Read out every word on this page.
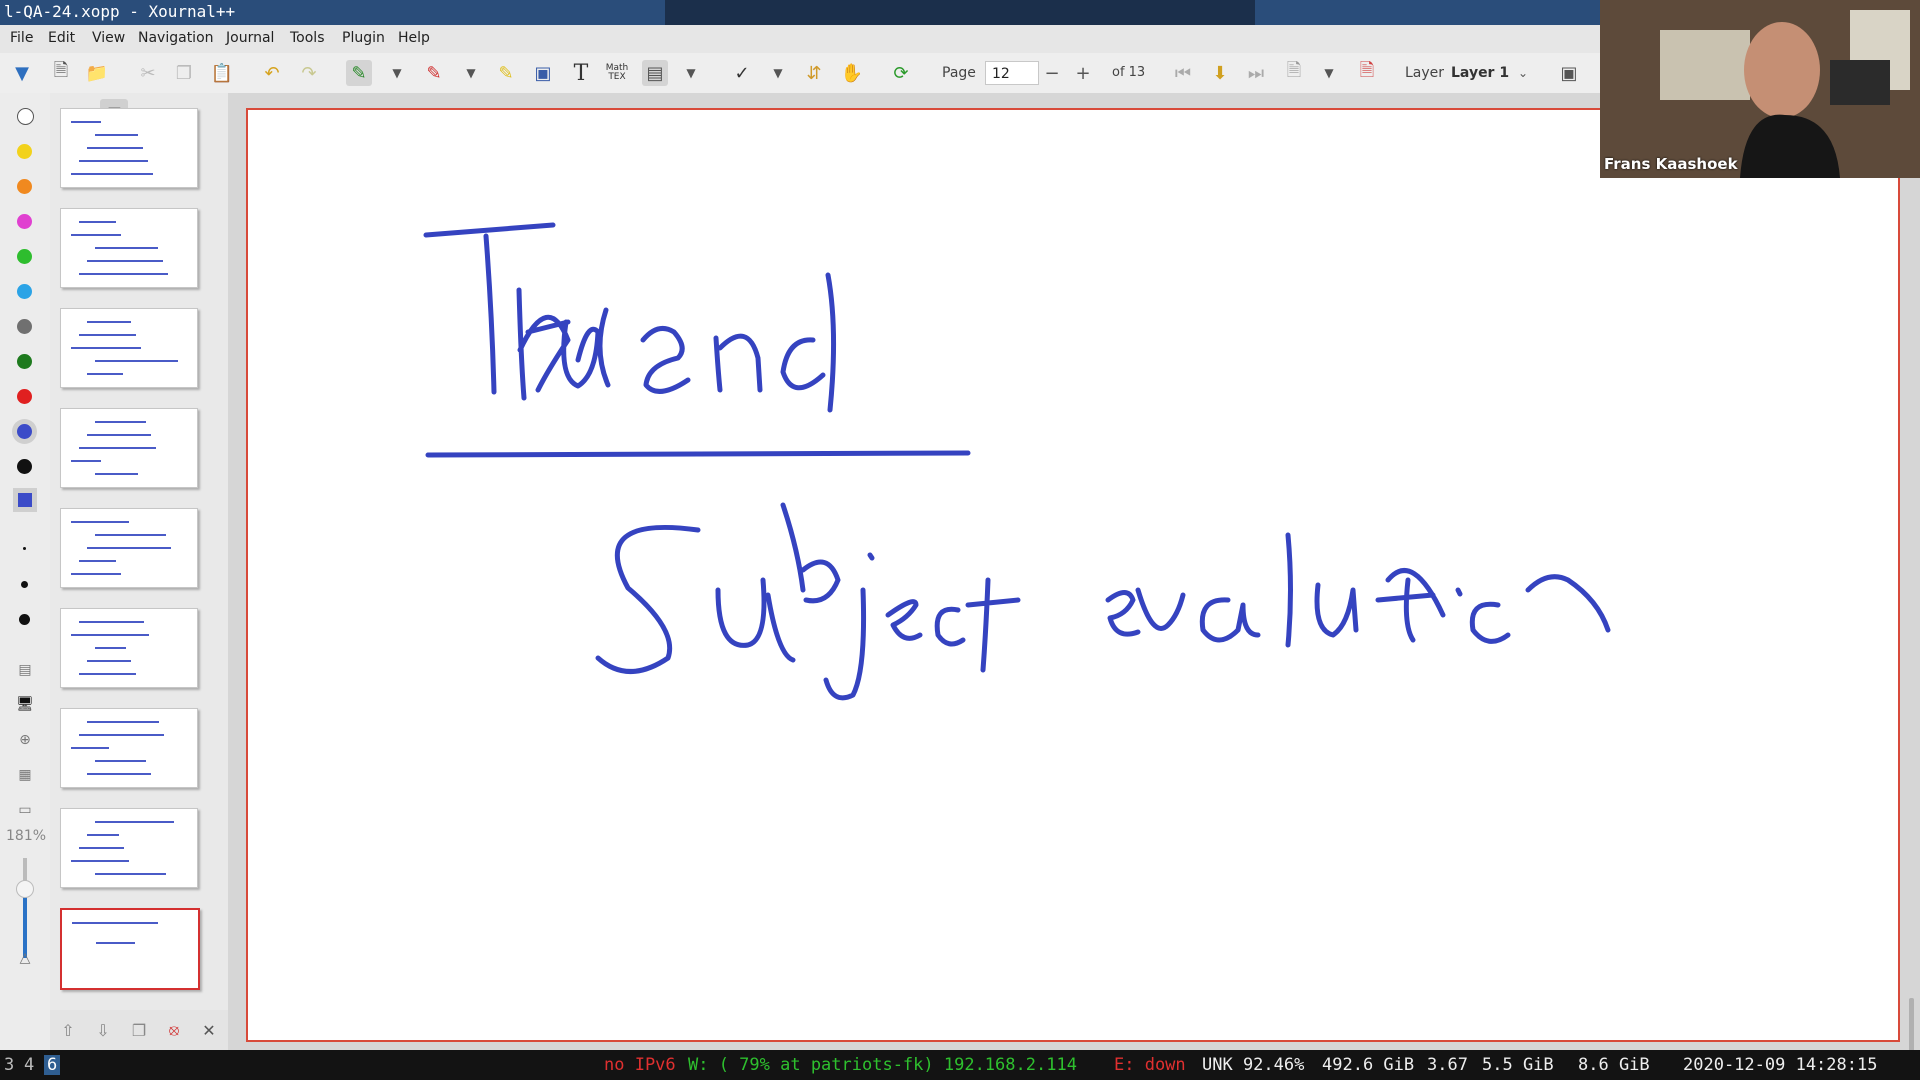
l-QA-24.xopp - Xournal++
File Edit View Navigation Journal Tools Plugin Help
▼	🗎 📁	✂	❐ 📋	↶	↷	✎	▼	✎	▼	✎	▣ T	Math TEX ▤	▼	✓	▼	⇵	✋	⟳	Page	12	− +	of 13 ⏮	⬇	⏭	🗎	▼	🗎	Layer Layer 1 ⌄	▣
▤
🖥
⊕
▦
▭
181%
△
⇧	⇩	❐	⦻	✕
Frans Kaashoek
3 4 6	no IPv6 W: ( 79% at patriots-fk) 192.168.2.114 E: down UNK 92.46% 492.6 GiB 3.67 5.5 GiB 8.6 GiB 2020-12-09 14:28:15
